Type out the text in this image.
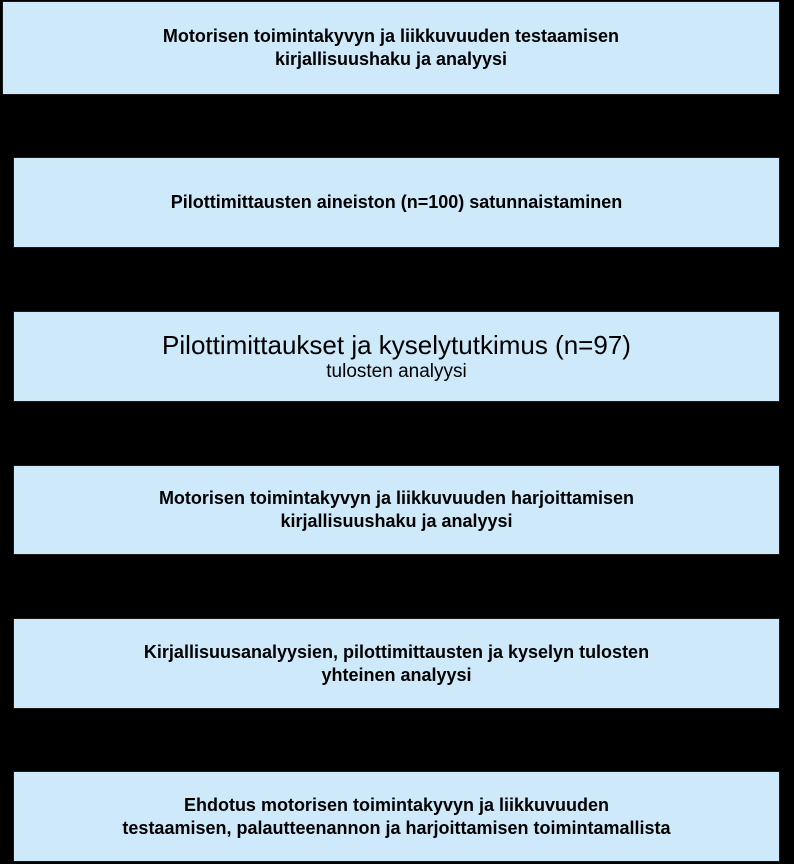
Motorisen toimintakyvyn ja liikkuvuuden testaamisen
kirjallisuushaku ja analyysi
Pilottimittausten aineiston (n=100) satunnaistaminen
Pilottimittaukset ja kyselytutkimus (n=97)
tulosten analyysi
Motorisen toimintakyvyn ja liikkuvuuden harjoittamisen
kirjallisuushaku ja analyysi
Kirjallisuusanalyysien, pilottimittausten ja kyselyn tulosten
yhteinen analyysi
Ehdotus motorisen toimintakyvyn ja liikkuvuuden
testaamisen, palautteenannon ja harjoittamisen toimintamallista
